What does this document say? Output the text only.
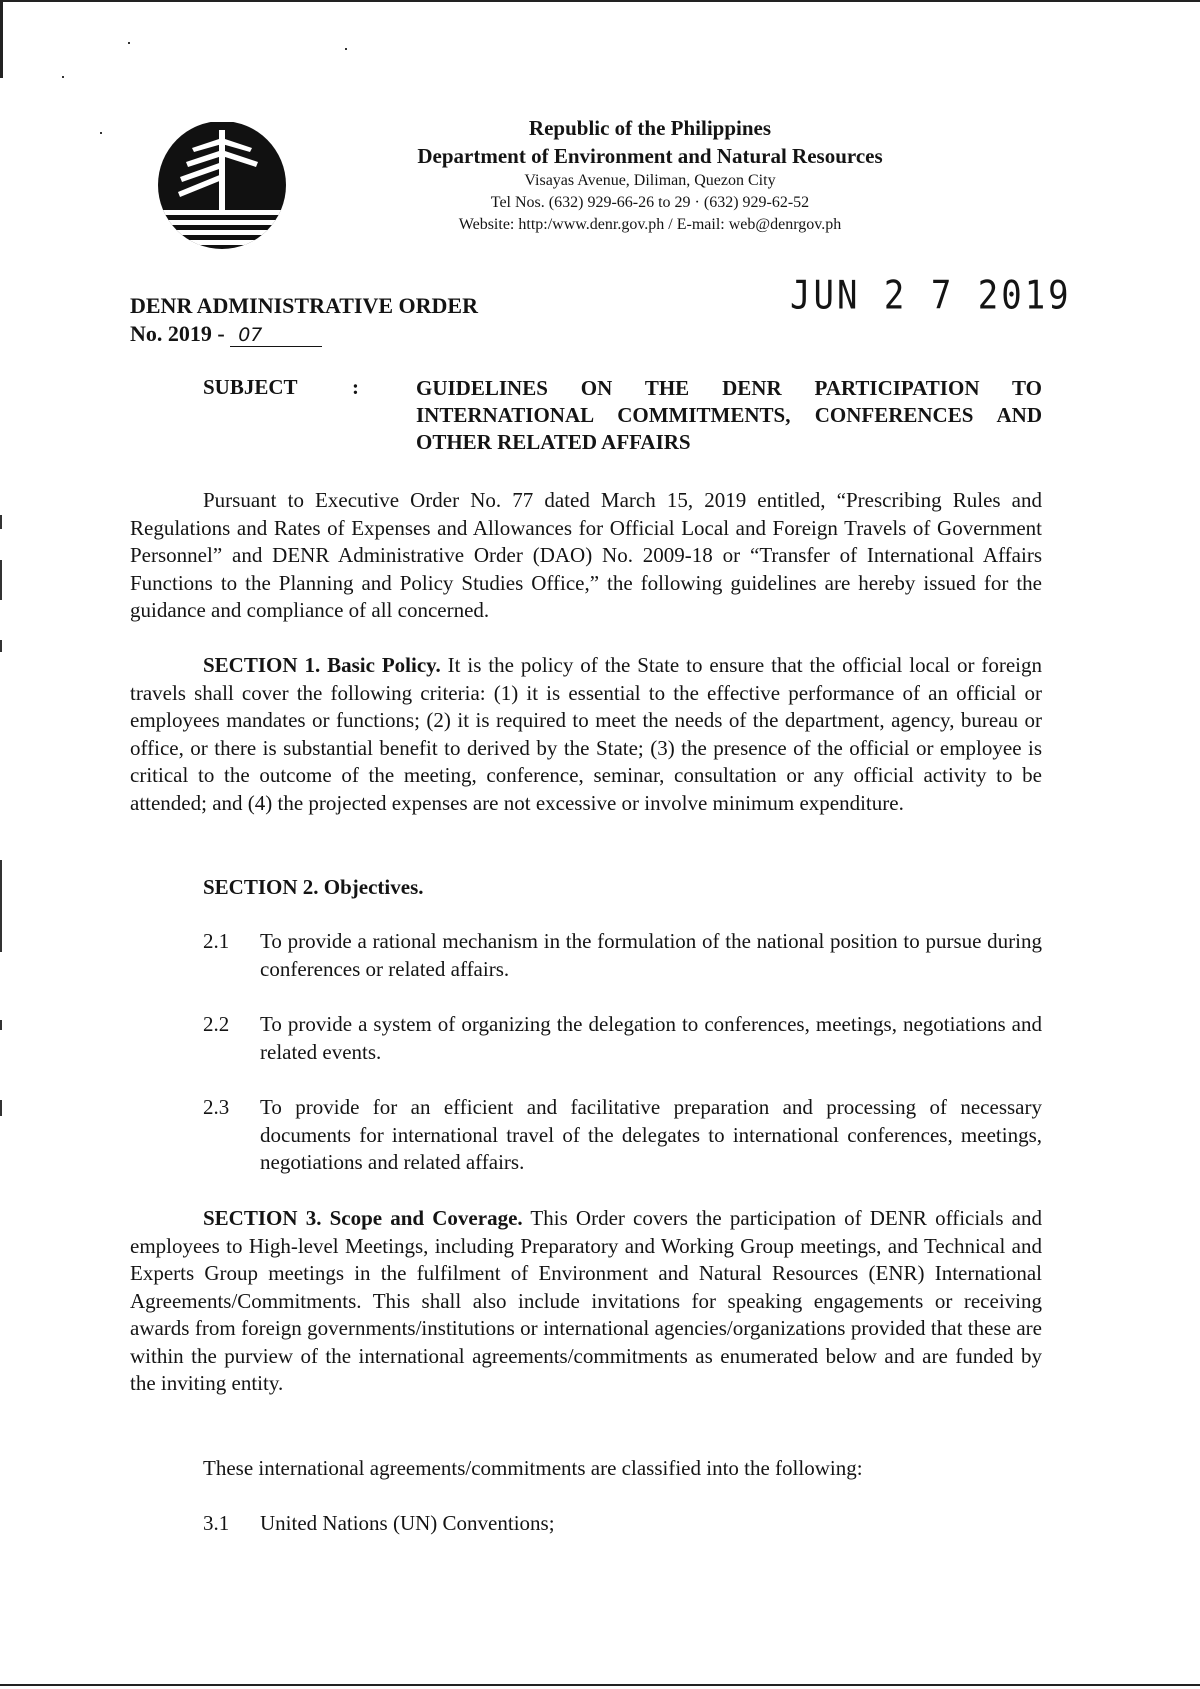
Republic of the Philippines
Department of Environment and Natural Resources
Visayas Avenue, Diliman, Quezon City
Tel Nos. (632) 929-66-26 to 29 · (632) 929-62-52
Website: http:/www.denr.gov.ph / E-mail: web@denrgov.ph
DENR ADMINISTRATIVE ORDER
No. 2019 - 07
JUN 2 7 2019
SUBJECT	:	GUIDELINES ON THE DENR PARTICIPATION TO INTERNATIONAL COMMITMENTS, CONFERENCES AND OTHER RELATED AFFAIRS
Pursuant to Executive Order No. 77 dated March 15, 2019 entitled, “Prescribing Rules and Regulations and Rates of Expenses and Allowances for Official Local and Foreign Travels of Government Personnel” and DENR Administrative Order (DAO) No. 2009-18 or “Transfer of International Affairs Functions to the Planning and Policy Studies Office,” the following guidelines are hereby issued for the guidance and compliance of all concerned.
SECTION 1. Basic Policy. It is the policy of the State to ensure that the official local or foreign travels shall cover the following criteria: (1) it is essential to the effective performance of an official or employees mandates or functions; (2) it is required to meet the needs of the department, agency, bureau or office, or there is substantial benefit to derived by the State; (3) the presence of the official or employee is critical to the outcome of the meeting, conference, seminar, consultation or any official activity to be attended; and (4) the projected expenses are not excessive or involve minimum expenditure.
SECTION 2. Objectives.
2.1 To provide a rational mechanism in the formulation of the national position to pursue during conferences or related affairs.
2.2 To provide a system of organizing the delegation to conferences, meetings, negotiations and related events.
2.3 To provide for an efficient and facilitative preparation and processing of necessary documents for international travel of the delegates to international conferences, meetings, negotiations and related affairs.
SECTION 3. Scope and Coverage. This Order covers the participation of DENR officials and employees to High-level Meetings, including Preparatory and Working Group meetings, and Technical and Experts Group meetings in the fulfilment of Environment and Natural Resources (ENR) International Agreements/Commitments. This shall also include invitations for speaking engagements or receiving awards from foreign governments/institutions or international agencies/organizations provided that these are within the purview of the international agreements/commitments as enumerated below and are funded by the inviting entity.
These international agreements/commitments are classified into the following:
3.1 United Nations (UN) Conventions;
